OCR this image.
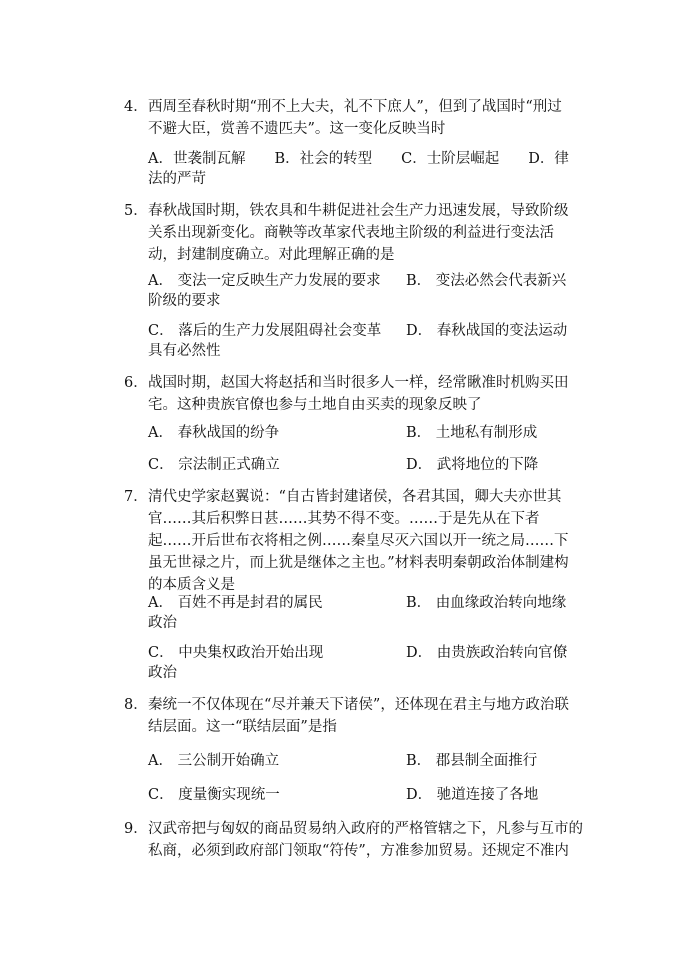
4． 西周至春秋时期“刑不上大夫，礼不下庶人”，但到了战国时“刑过
不避大臣，赏善不遗匹夫”。这一变化反映当时
A．世袭制瓦解　　B．社会的转型　　C．士阶层崛起　　D．律
法的严苛
5． 春秋战国时期，铁农具和牛耕促进社会生产力迅速发展，导致阶级
关系出现新变化。商鞅等改革家代表地主阶级的利益进行变法活
动，封建制度确立。对此理解正确的是
A． 变法一定反映生产力发展的要求 B． 变法必然会代表新兴
阶级的要求
C． 落后的生产力发展阻碍社会变革 D． 春秋战国的变法运动
具有必然性
6． 战国时期，赵国大将赵括和当时很多人一样，经常瞅准时机购买田
宅。这种贵族官僚也参与土地自由买卖的现象反映了
A． 春秋战国的纷争	B． 土地私有制形成
C． 宗法制正式确立	D． 武将地位的下降
7． 清代史学家赵翼说：“自古皆封建诸侯，各君其国，卿大夫亦世其
官……其后积弊日甚……其势不得不变。……于是先从在下者
起……开后世布衣将相之例……秦皇尽灭六国以开一统之局……下
虽无世禄之片，而上犹是继体之主也。”材料表明秦朝政治体制建构
的本质含义是
A． 百姓不再是封君的属民	B． 由血缘政治转向地缘
政治
C． 中央集权政治开始出现	D． 由贵族政治转向官僚
政治
8． 秦统一不仅体现在“尽并兼天下诸侯”，还体现在君主与地方政治联
结层面。这一“联结层面”是指
A． 三公制开始确立	B． 郡县制全面推行
C． 度量衡实现统一	D． 驰道连接了各地
9． 汉武帝把与匈奴的商品贸易纳入政府的严格管辖之下，凡参与互市的
私商，必须到政府部门领取“符传”，方准参加贸易。还规定不准内
